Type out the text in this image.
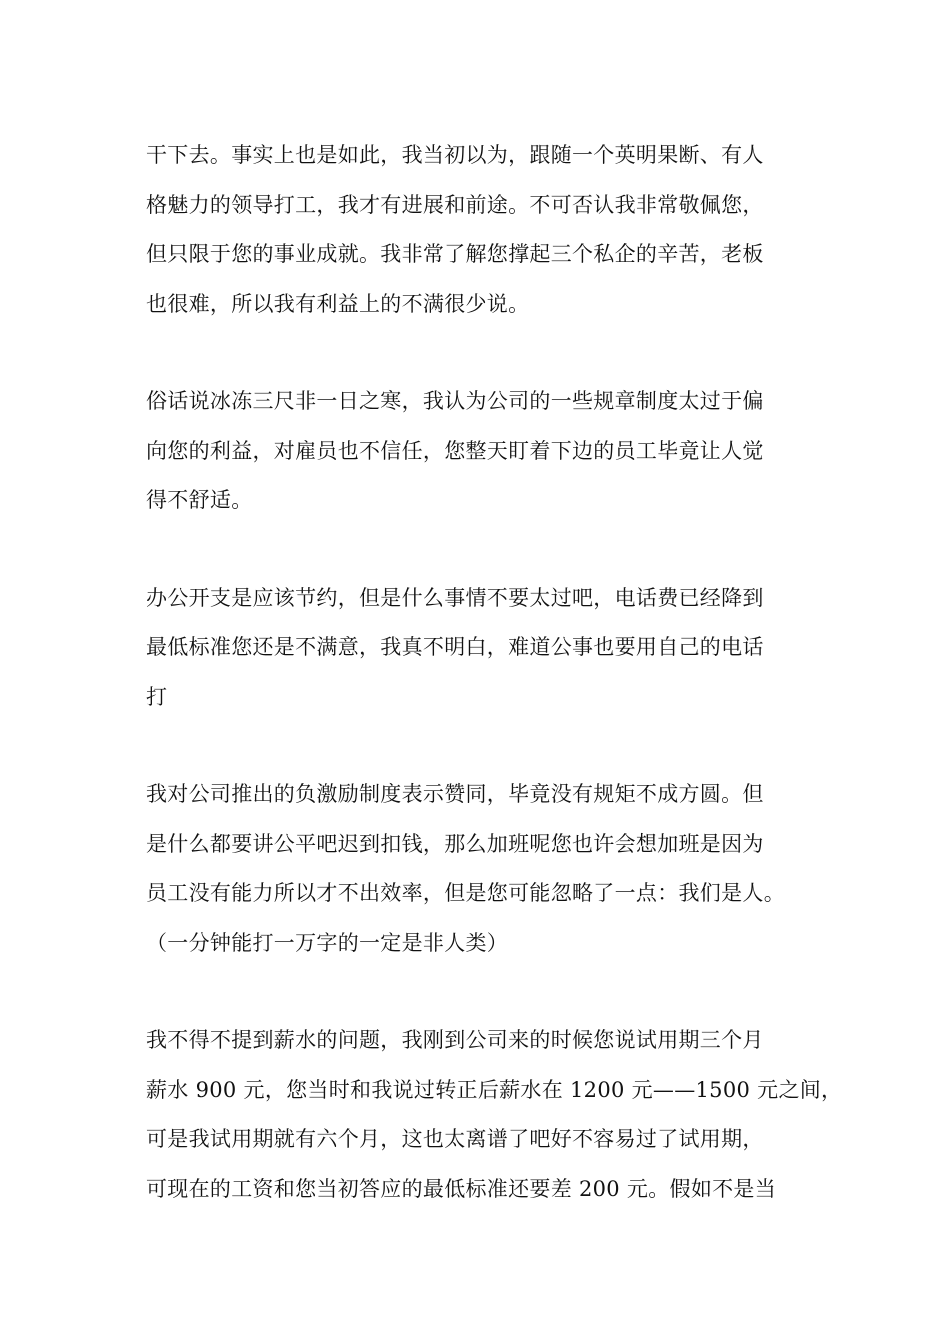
干下去。事实上也是如此，我当初以为，跟随一个英明果断、有人
格魅力的领导打工，我才有进展和前途。不可否认我非常敬佩您，
但只限于您的事业成就。我非常了解您撑起三个私企的辛苦，老板
也很难，所以我有利益上的不满很少说。
俗话说冰冻三尺非一日之寒，我认为公司的一些规章制度太过于偏
向您的利益，对雇员也不信任，您整天盯着下边的员工毕竟让人觉
得不舒适。
办公开支是应该节约，但是什么事情不要太过吧，电话费已经降到
最低标准您还是不满意，我真不明白，难道公事也要用自己的电话
打
我对公司推出的负激励制度表示赞同，毕竟没有规矩不成方圆。但
是什么都要讲公平吧迟到扣钱，那么加班呢您也许会想加班是因为
员工没有能力所以才不出效率，但是您可能忽略了一点：我们是人。
（一分钟能打一万字的一定是非人类）
我不得不提到薪水的问题，我刚到公司来的时候您说试用期三个月
薪水 900 元，您当时和我说过转正后薪水在 1200 元——1500 元之间，
可是我试用期就有六个月，这也太离谱了吧好不容易过了试用期，
可现在的工资和您当初答应的最低标准还要差 200 元。假如不是当
